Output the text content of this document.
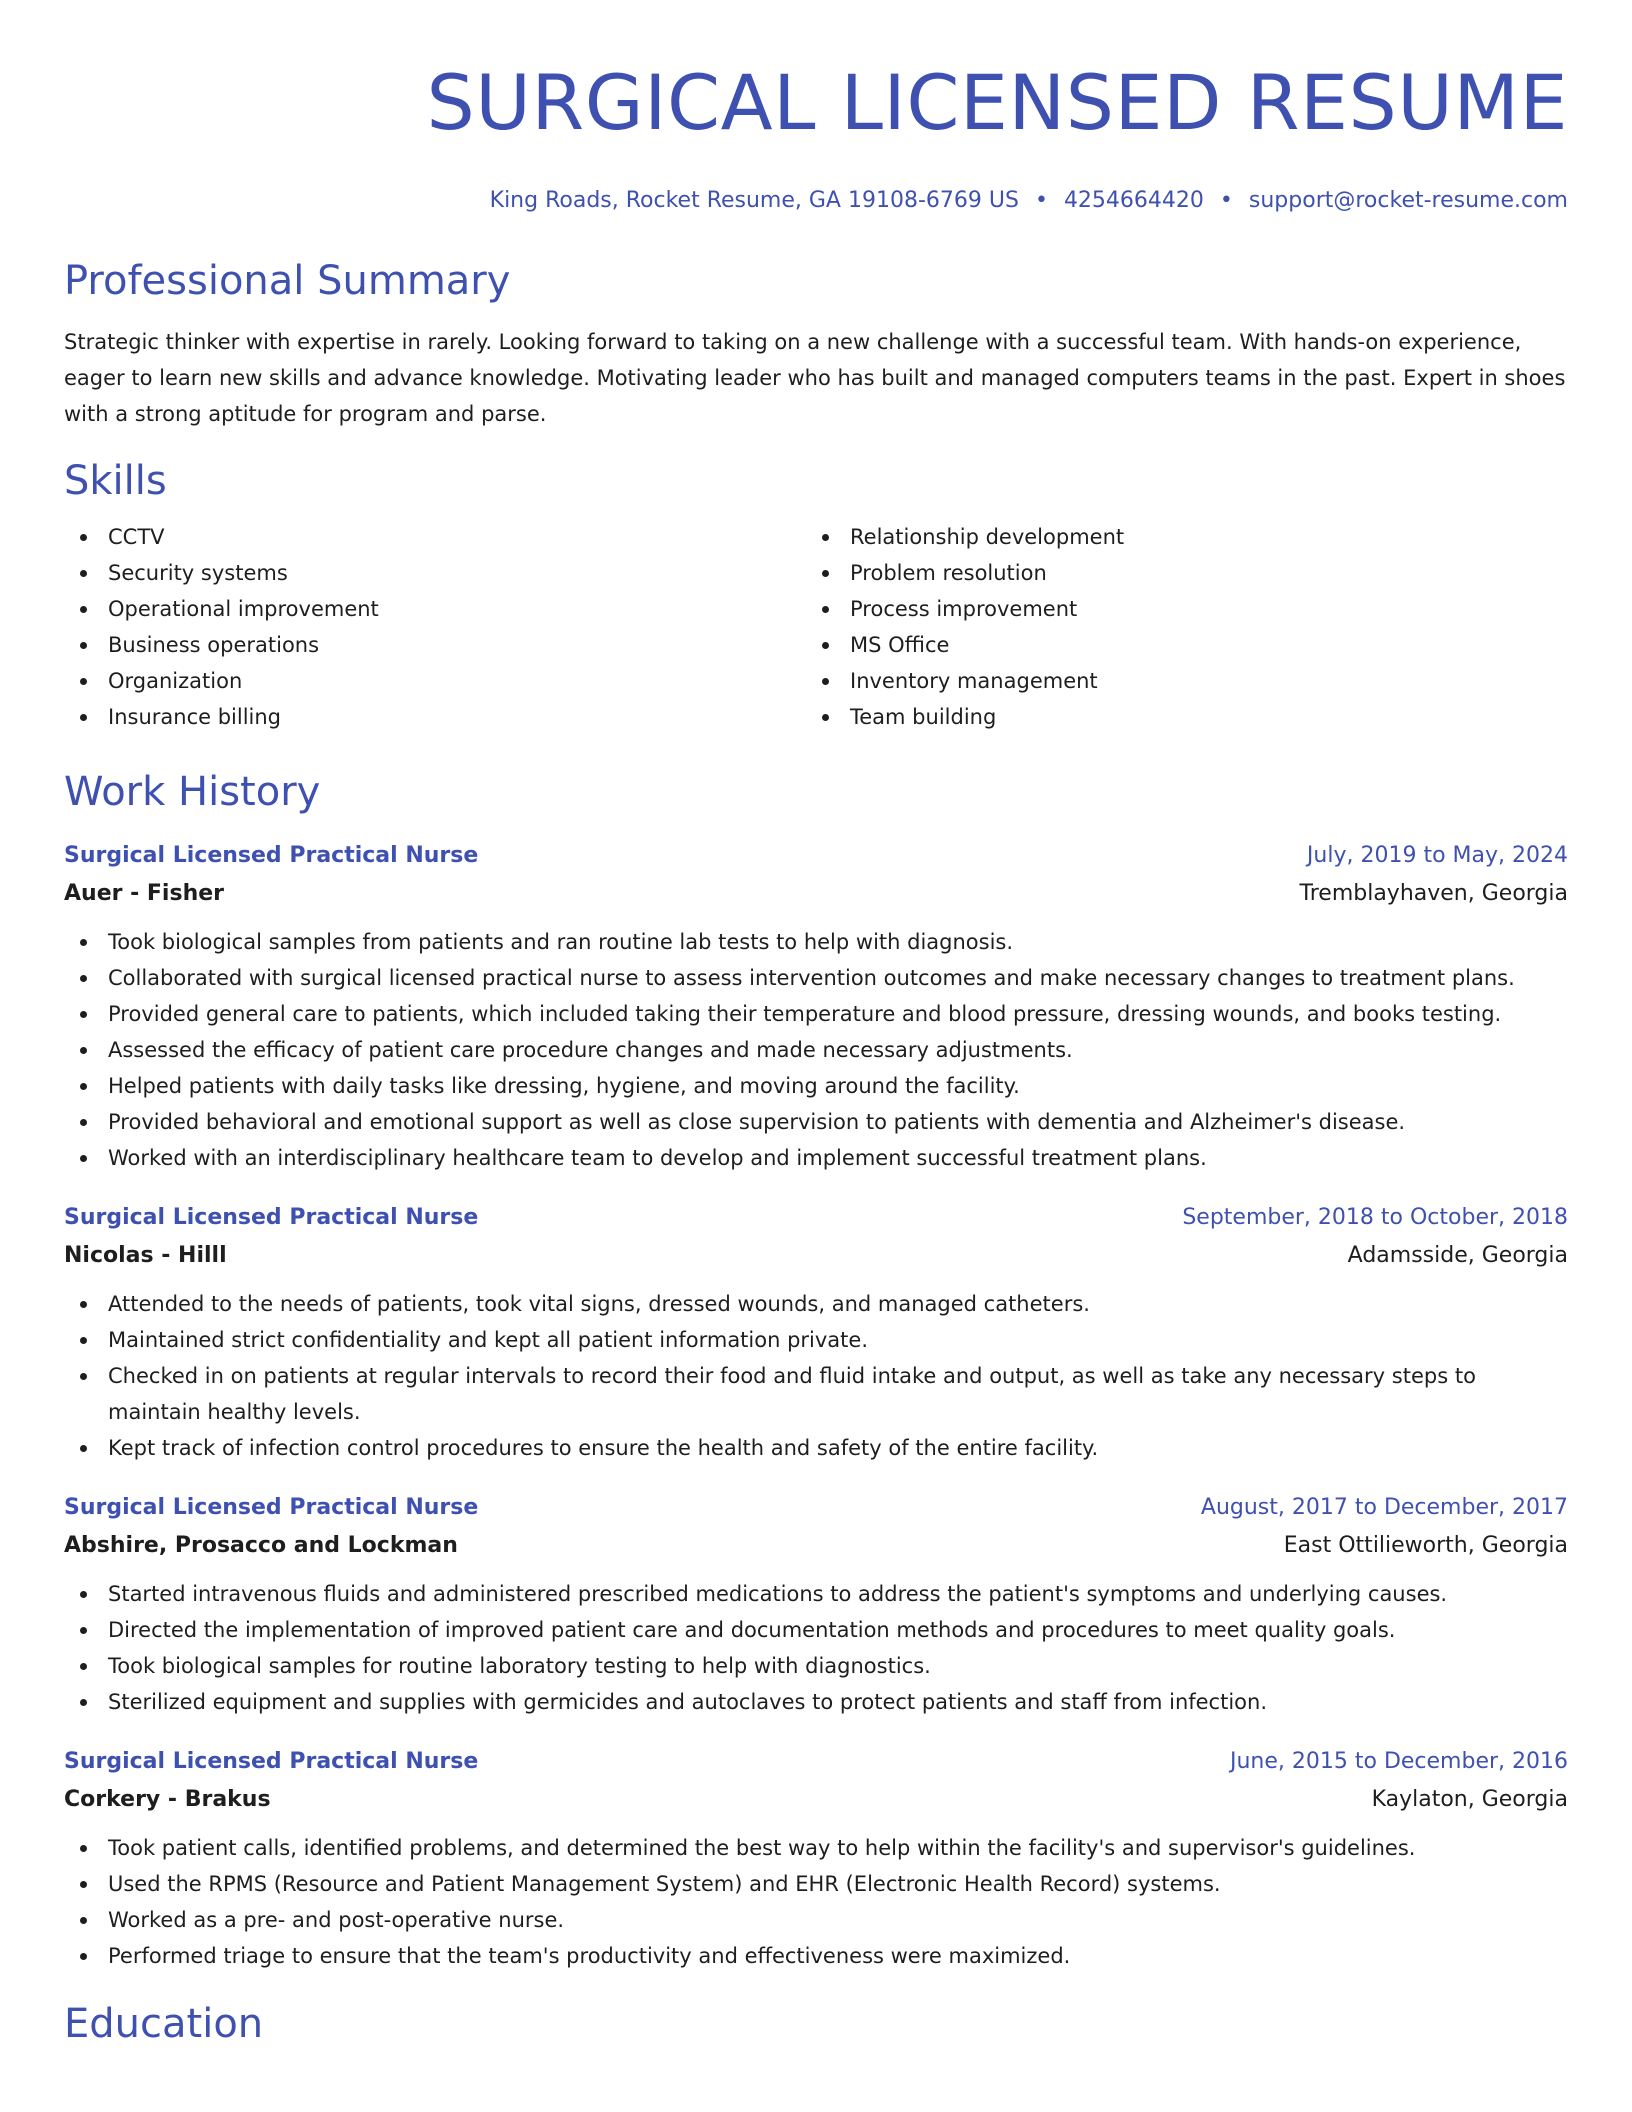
SURGICAL LICENSED RESUME
King Roads, Rocket Resume, GA 19108-6769 US • 4254664420 • support@rocket-resume.com
Professional Summary
Strategic thinker with expertise in rarely. Looking forward to taking on a new challenge with a successful team. With hands-on experience, eager to learn new skills and advance knowledge. Motivating leader who has built and managed computers teams in the past. Expert in shoes with a strong aptitude for program and parse.
Skills
CCTV
Security systems
Operational improvement
Business operations
Organization
Insurance billing
Relationship development
Problem resolution
Process improvement
MS Office
Inventory management
Team building
Work History
Surgical Licensed Practical Nurse	July, 2019 to May, 2024
Auer - Fisher	Tremblayhaven, Georgia
Took biological samples from patients and ran routine lab tests to help with diagnosis.
Collaborated with surgical licensed practical nurse to assess intervention outcomes and make necessary changes to treatment plans.
Provided general care to patients, which included taking their temperature and blood pressure, dressing wounds, and books testing.
Assessed the efficacy of patient care procedure changes and made necessary adjustments.
Helped patients with daily tasks like dressing, hygiene, and moving around the facility.
Provided behavioral and emotional support as well as close supervision to patients with dementia and Alzheimer's disease.
Worked with an interdisciplinary healthcare team to develop and implement successful treatment plans.
Surgical Licensed Practical Nurse	September, 2018 to October, 2018
Nicolas - Hilll	Adamsside, Georgia
Attended to the needs of patients, took vital signs, dressed wounds, and managed catheters.
Maintained strict confidentiality and kept all patient information private.
Checked in on patients at regular intervals to record their food and fluid intake and output, as well as take any necessary steps to maintain healthy levels.
Kept track of infection control procedures to ensure the health and safety of the entire facility.
Surgical Licensed Practical Nurse	August, 2017 to December, 2017
Abshire, Prosacco and Lockman	East Ottilieworth, Georgia
Started intravenous fluids and administered prescribed medications to address the patient's symptoms and underlying causes.
Directed the implementation of improved patient care and documentation methods and procedures to meet quality goals.
Took biological samples for routine laboratory testing to help with diagnostics.
Sterilized equipment and supplies with germicides and autoclaves to protect patients and staff from infection.
Surgical Licensed Practical Nurse	June, 2015 to December, 2016
Corkery - Brakus	Kaylaton, Georgia
Took patient calls, identified problems, and determined the best way to help within the facility's and supervisor's guidelines.
Used the RPMS (Resource and Patient Management System) and EHR (Electronic Health Record) systems.
Worked as a pre- and post-operative nurse.
Performed triage to ensure that the team's productivity and effectiveness were maximized.
Education
